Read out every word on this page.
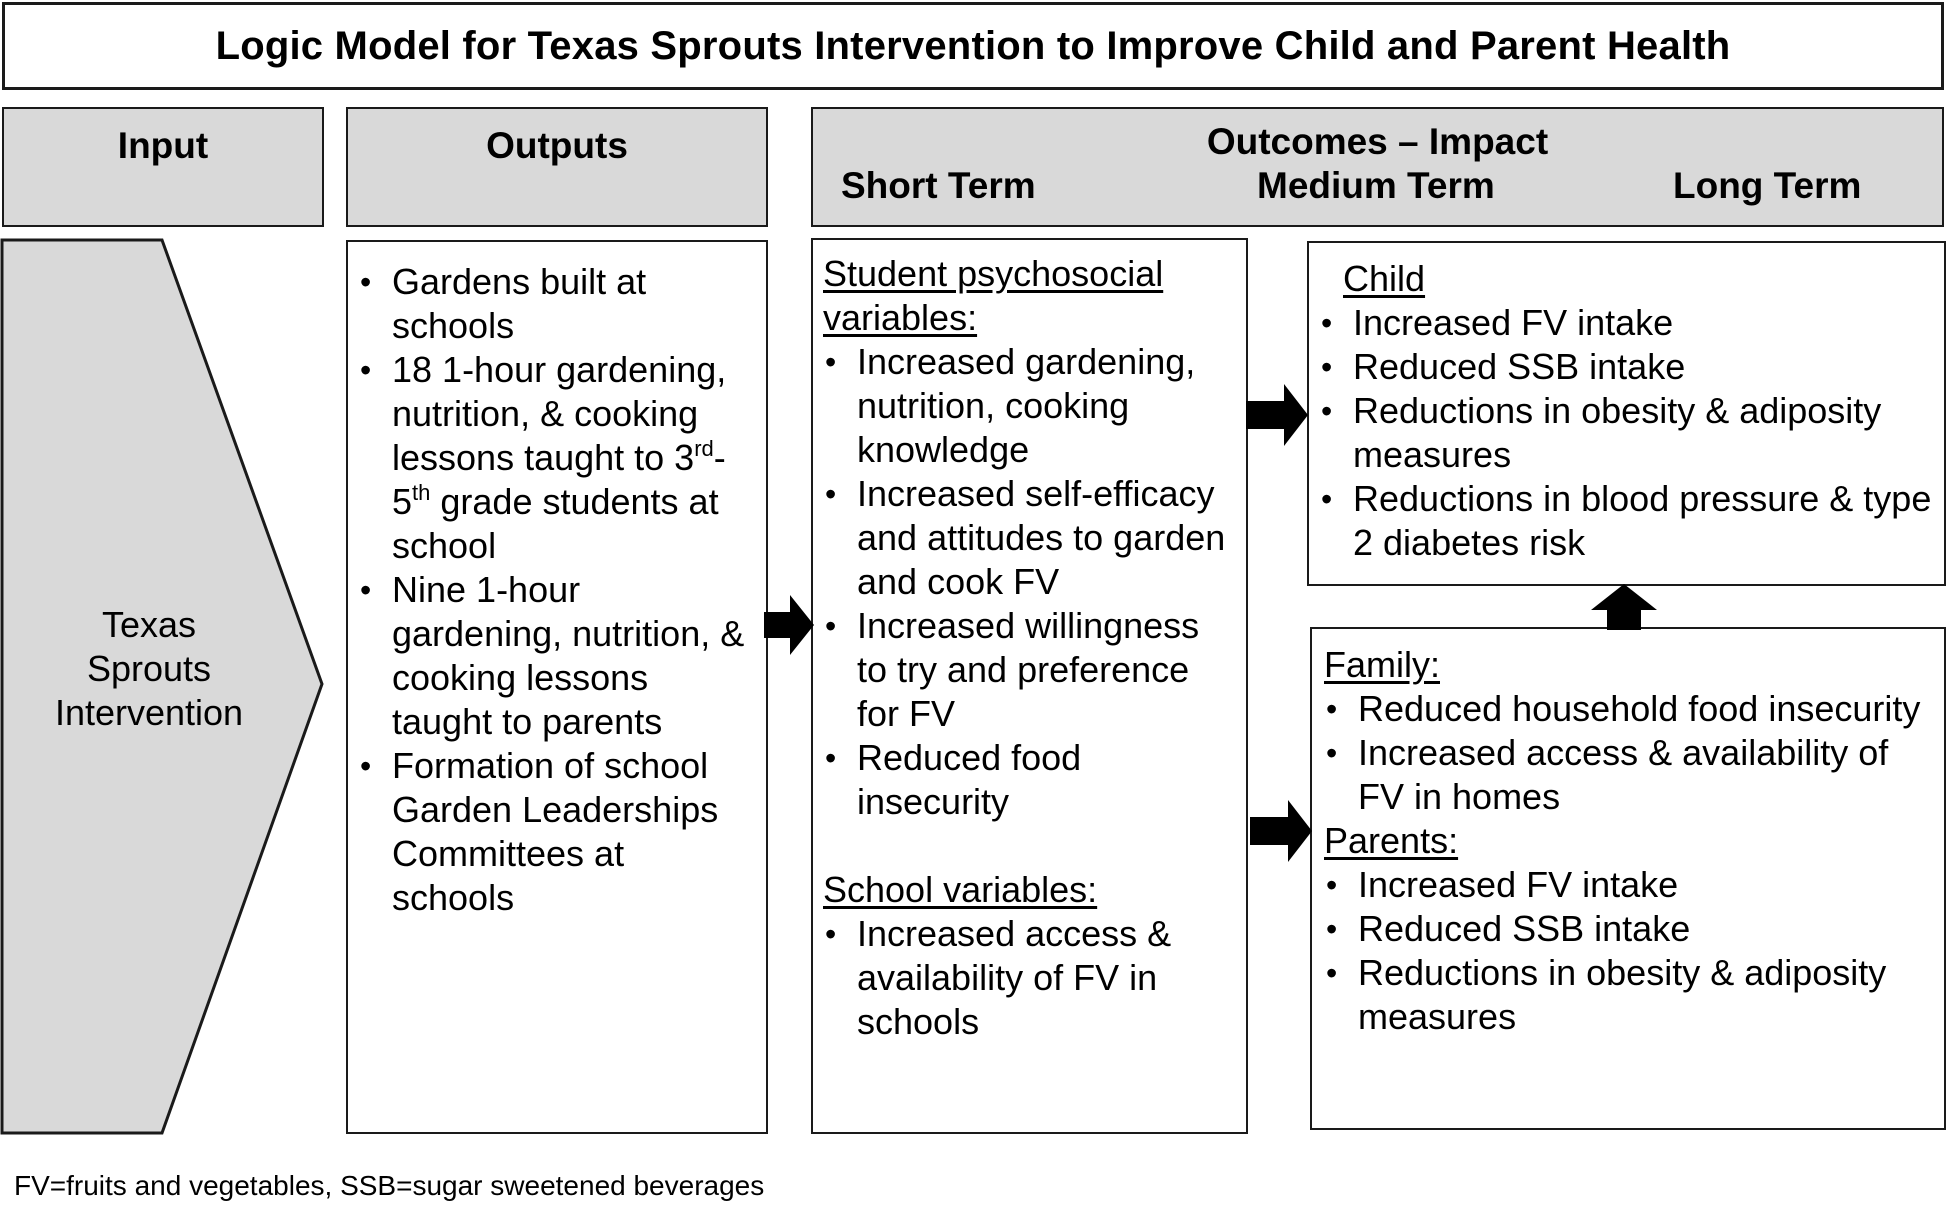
Logic Model for Texas Sprouts Intervention to Improve Child and Parent Health
Input	Outputs	Outcomes – Impact
Short Term	Medium Term	Long Term
Texas
Sprouts
Intervention
• Gardens built at schools
• 18 1-hour gardening, nutrition, & cooking lessons taught to 3rd-5th grade students at school
• Nine 1-hour gardening, nutrition, & cooking lessons taught to parents
• Formation of school Garden Leaderships Committees at schools
Student psychosocial variables:
• Increased gardening, nutrition, cooking knowledge
• Increased self-efficacy and attitudes to garden and cook FV
• Increased willingness to try and preference for FV
• Reduced food insecurity
School variables:
• Increased access & availability of FV in schools
Child
• Increased FV intake
• Reduced SSB intake
• Reductions in obesity & adiposity measures
• Reductions in blood pressure & type 2 diabetes risk
Family:
• Reduced household food insecurity
• Increased access & availability of FV in homes
Parents:
• Increased FV intake
• Reduced SSB intake
• Reductions in obesity & adiposity measures
FV=fruits and vegetables, SSB=sugar sweetened beverages
